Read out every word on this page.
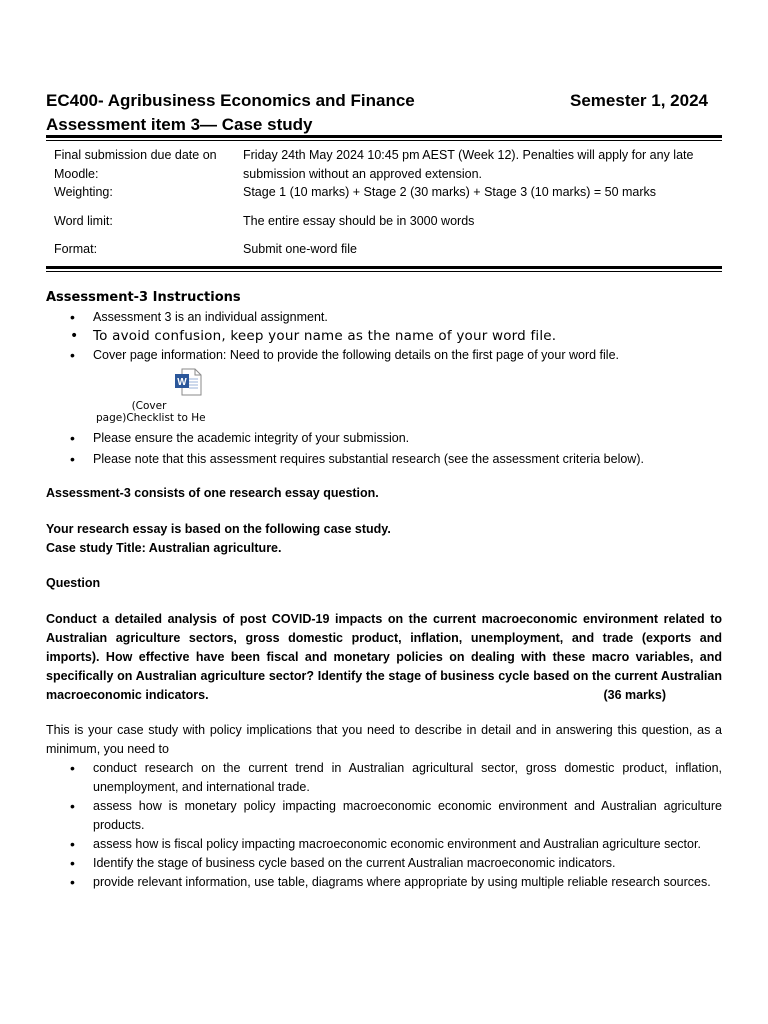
EC400- Agribusiness Economics and Finance	Semester 1, 2024
Assessment item 3— Case study
Final submission due date on Moodle:
Friday 24th May 2024 10:45 pm AEST (Week 12). Penalties will apply for any late submission without an approved extension.
Weighting:	Stage 1 (10 marks) + Stage 2 (30 marks) + Stage 3 (10 marks) = 50 marks
Word limit:	The entire essay should be in 3000 words
Format:	Submit one-word file
Assessment-3 Instructions
• Assessment 3 is an individual assignment.
• To avoid confusion, keep your name as the name of your word file.
• Cover page information: Need to provide the following details on the first page of your word file.
W
(Cover
page)Checklist to He
• Please ensure the academic integrity of your submission.
• Please note that this assessment requires substantial research (see the assessment criteria below).
Assessment-3 consists of one research essay question.
Your research essay is based on the following case study.
Case study Title: Australian agriculture.
Question
Conduct a detailed analysis of post COVID-19 impacts on the current macroeconomic environment related to Australian agriculture sectors, gross domestic product, inflation, unemployment, and trade (exports and imports). How effective have been fiscal and monetary policies on dealing with these macro variables, and specifically on Australian agriculture sector? Identify the stage of business cycle based on the current Australian macroeconomic indicators.	(36 marks)
This is your case study with policy implications that you need to describe in detail and in answering this question, as a minimum, you need to
• conduct research on the current trend in Australian agricultural sector, gross domestic product, inflation, unemployment, and international trade.
• assess how is monetary policy impacting macroeconomic economic environment and Australian agriculture products.
• assess how is fiscal policy impacting macroeconomic economic environment and Australian agriculture sector.
• Identify the stage of business cycle based on the current Australian macroeconomic indicators.
• provide relevant information, use table, diagrams where appropriate by using multiple reliable research sources.
